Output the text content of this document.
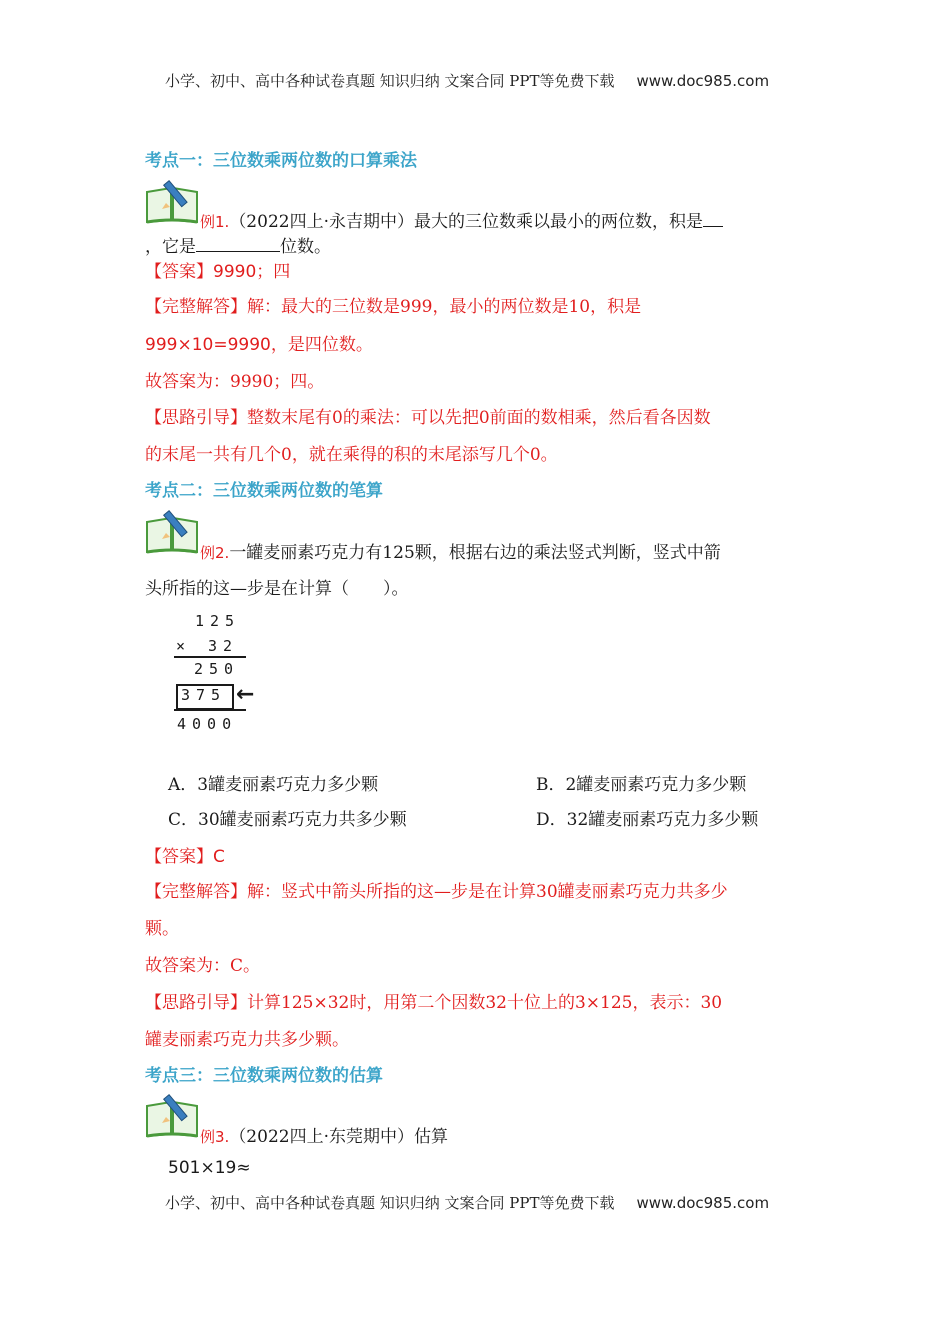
小学、初中、高中各种试卷真题 知识归纳 文案合同 PPT等免费下载 www.doc985.com
考点一：三位数乘两位数的口算乘法
例1.（2022四上·永吉期中）最大的三位数乘以最小的两位数，积是
，它是	位数。
【答案】9990；四
【完整解答】解：最大的三位数是999，最小的两位数是10，积是
999×10=9990，是四位数。
故答案为：9990；四。
【思路引导】整数末尾有0的乘法：可以先把0前面的数相乘，然后看各因数
的末尾一共有几个0，就在乘得的积的末尾添写几个0。
考点二：三位数乘两位数的笔算
例2.一罐麦丽素巧克力有125颗，根据右边的乘法竖式判断，竖式中箭
头所指的这—步是在计算（　　）。
125
× 32
250
375 ←
4000
A．3罐麦丽素巧克力多少颗	B．2罐麦丽素巧克力多少颗
C．30罐麦丽素巧克力共多少颗	D．32罐麦丽素巧克力多少颗
【答案】C
【完整解答】解：竖式中箭头所指的这—步是在计算30罐麦丽素巧克力共多少
颗。
故答案为：C。
【思路引导】计算125×32时，用第二个因数32十位上的3×125，表示：30
罐麦丽素巧克力共多少颗。
考点三：三位数乘两位数的估算
例3.（2022四上·东莞期中）估算
501×19≈
小学、初中、高中各种试卷真题 知识归纳 文案合同 PPT等免费下载 www.doc985.com
